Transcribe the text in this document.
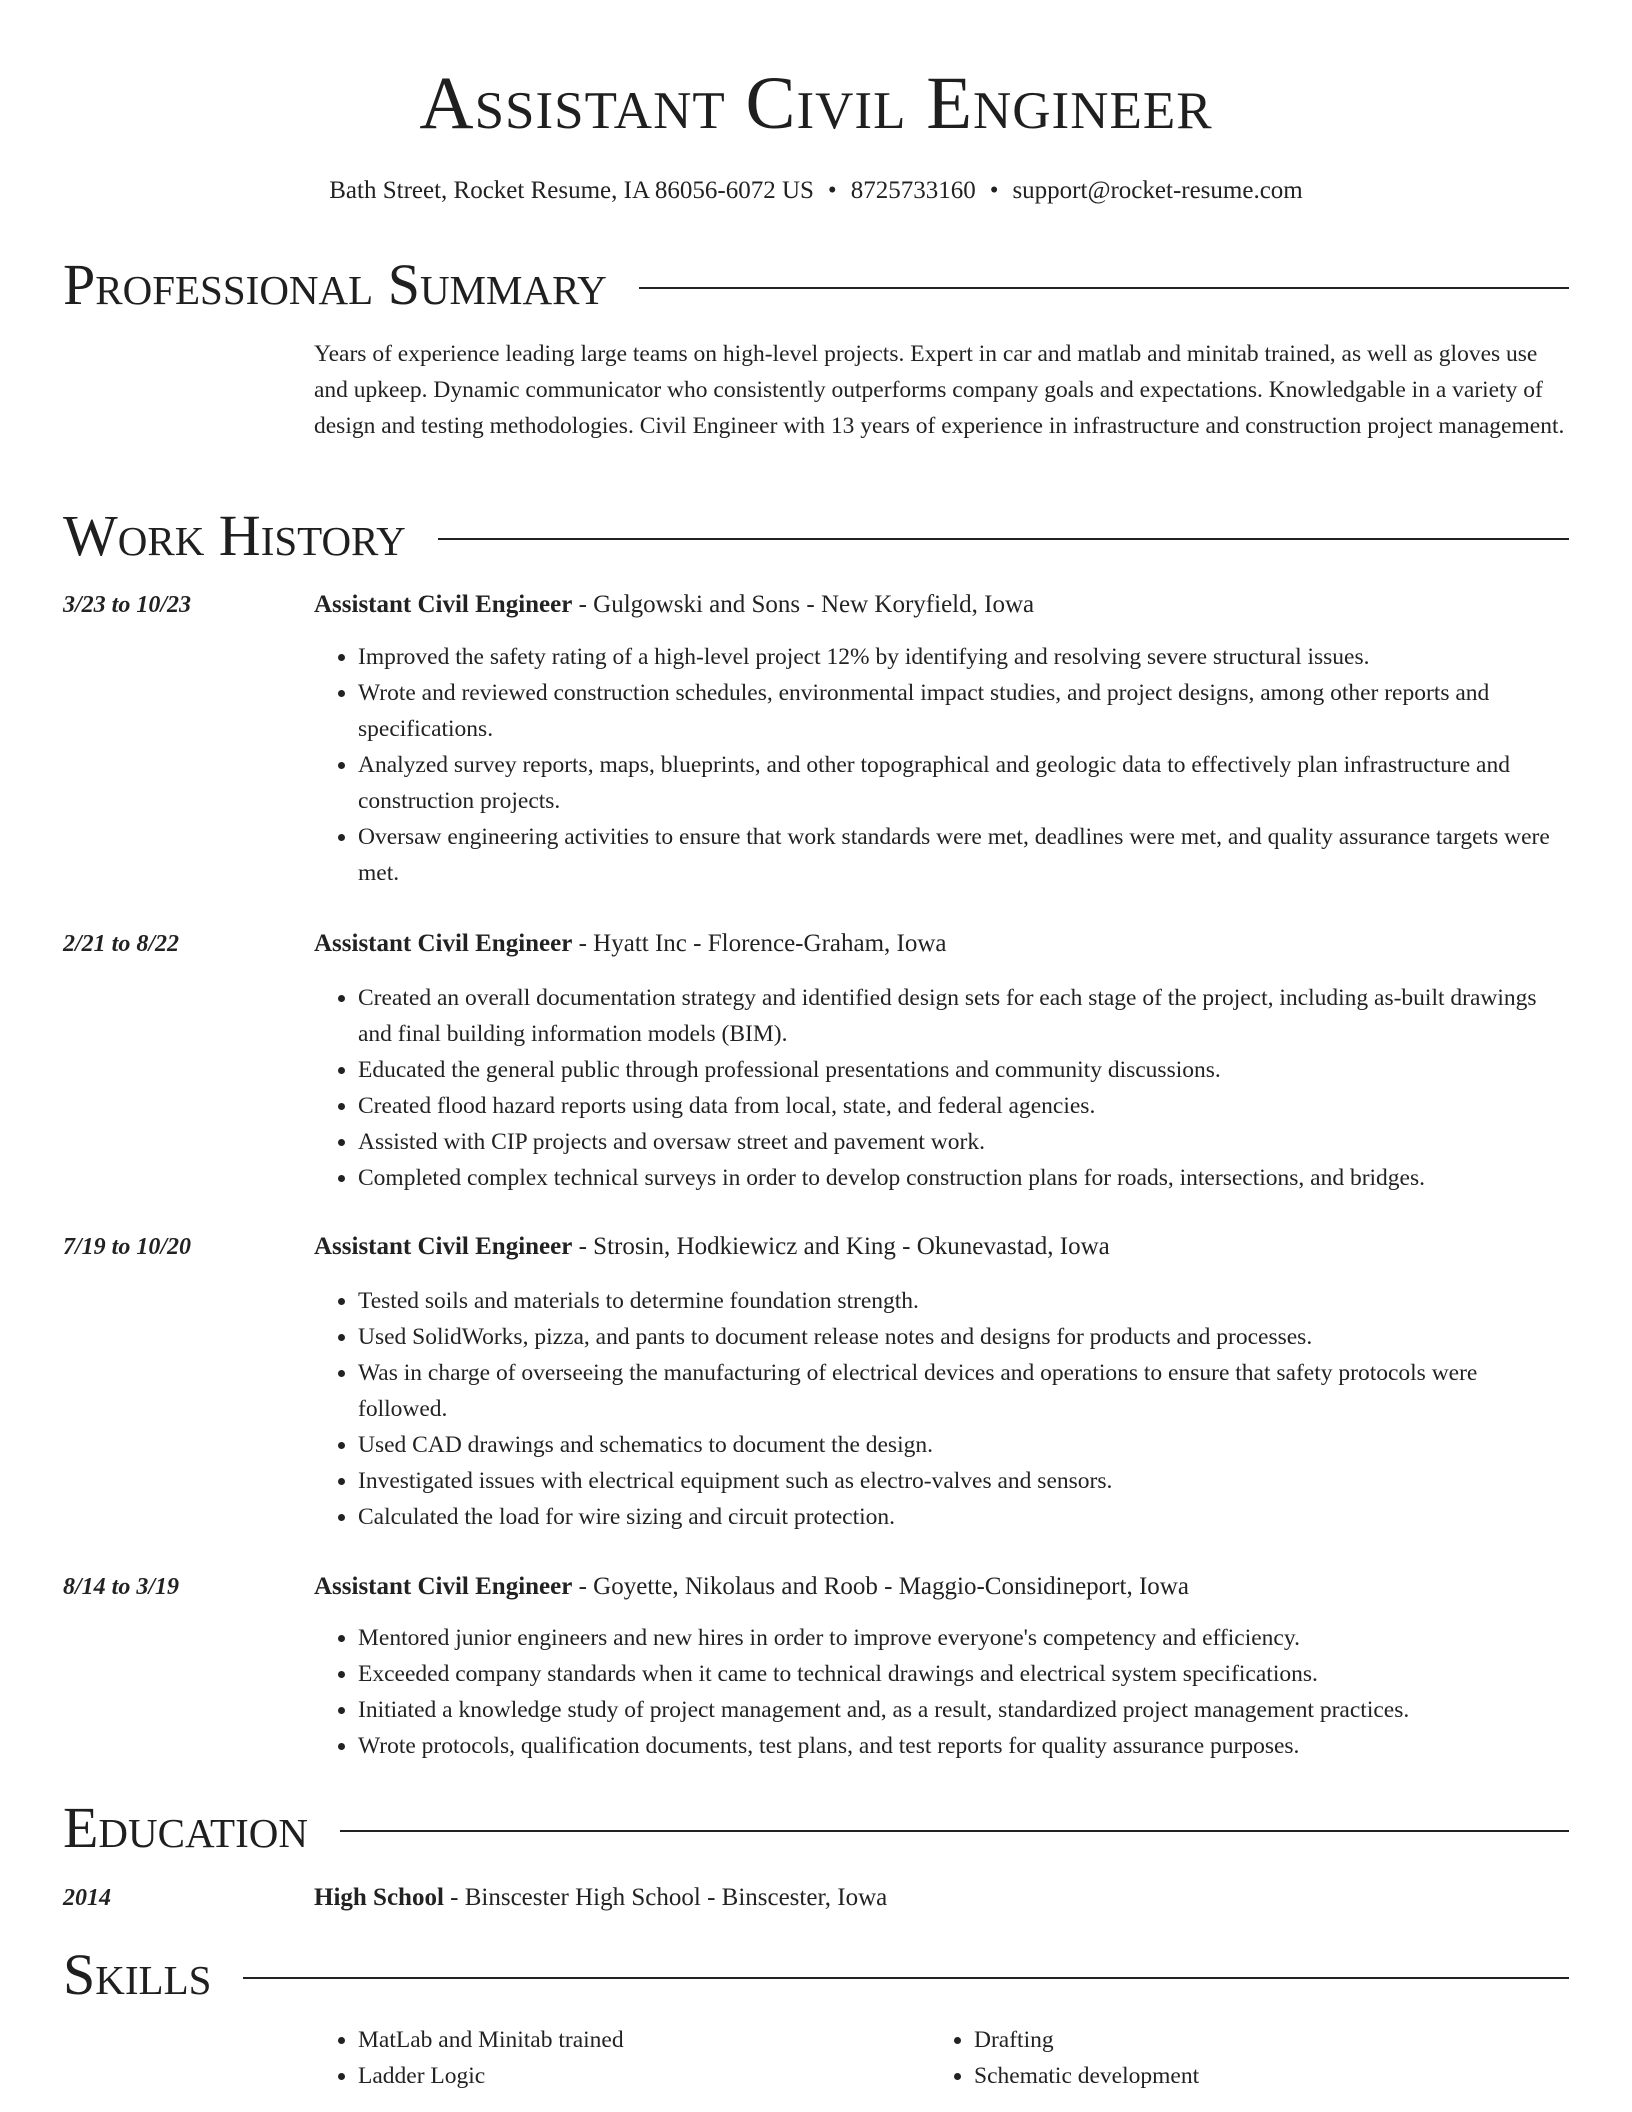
Assistant Civil Engineer
Bath Street, Rocket Resume, IA 86056-6072 US • 8725733160 • support@rocket-resume.com
Professional Summary

Years of experience leading large teams on high-level projects. Expert in car and matlab and minitab trained, as well as gloves use and upkeep. Dynamic communicator who consistently outperforms company goals and expectations. Knowledgable in a variety of design and testing methodologies. Civil Engineer with 13 years of experience in infrastructure and construction project management.

Work History
3/23 to 10/23	Assistant Civil Engineer - Gulgowski and Sons - New Koryfield, Iowa
• Improved the safety rating of a high-level project 12% by identifying and resolving severe structural issues.
• Wrote and reviewed construction schedules, environmental impact studies, and project designs, among other reports and specifications.
• Analyzed survey reports, maps, blueprints, and other topographical and geologic data to effectively plan infrastructure and construction projects.
• Oversaw engineering activities to ensure that work standards were met, deadlines were met, and quality assurance targets were met.
2/21 to 8/22	Assistant Civil Engineer - Hyatt Inc - Florence-Graham, Iowa
• Created an overall documentation strategy and identified design sets for each stage of the project, including as-built drawings and final building information models (BIM).
• Educated the general public through professional presentations and community discussions.
• Created flood hazard reports using data from local, state, and federal agencies.
• Assisted with CIP projects and oversaw street and pavement work.
• Completed complex technical surveys in order to develop construction plans for roads, intersections, and bridges.
7/19 to 10/20	Assistant Civil Engineer - Strosin, Hodkiewicz and King - Okunevastad, Iowa
• Tested soils and materials to determine foundation strength.
• Used SolidWorks, pizza, and pants to document release notes and designs for products and processes.
• Was in charge of overseeing the manufacturing of electrical devices and operations to ensure that safety protocols were followed.
• Used CAD drawings and schematics to document the design.
• Investigated issues with electrical equipment such as electro-valves and sensors.
• Calculated the load for wire sizing and circuit protection.
8/14 to 3/19	Assistant Civil Engineer - Goyette, Nikolaus and Roob - Maggio-Considineport, Iowa
• Mentored junior engineers and new hires in order to improve everyone's competency and efficiency.
• Exceeded company standards when it came to technical drawings and electrical system specifications.
• Initiated a knowledge study of project management and, as a result, standardized project management practices.
• Wrote protocols, qualification documents, test plans, and test reports for quality assurance purposes.
Education
2014	High School - Binscester High School - Binscester, Iowa
Skills
• MatLab and Minitab trained
• Ladder Logic
• Drafting
• Schematic development
